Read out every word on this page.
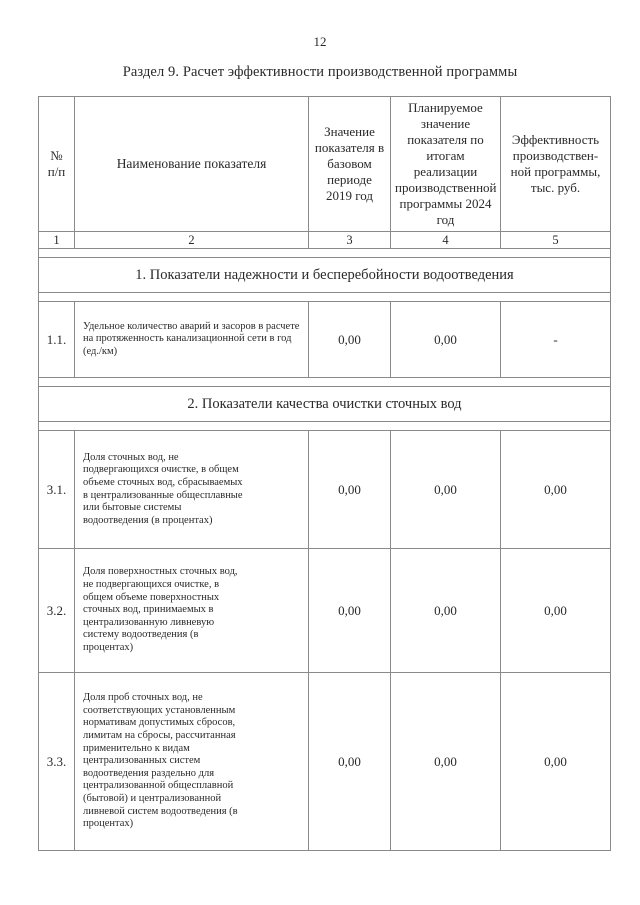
12
Раздел 9. Расчет эффективности производственной программы
№ п/п	Наименование показателя	Значение показателя в базовом периоде 2019 год	Планируемое значение показателя по итогам реализации производственной программы 2024 год	Эффективность производствен-ной программы, тыс. руб.
1	2	3	4	5

1. Показатели надежности и бесперебойности водоотведения				

1.1.	Удельное количество аварий и засоров в расчете на протяженность канализационной сети в год (ед./км)	0,00	0,00	-

2. Показатели качества очистки сточных вод				

3.1.	Доля сточных вод, не подвергающихся очистке, в общем объеме сточных вод, сбрасываемых в централизованные общесплавные или бытовые системы водоотведения (в процентах)	0,00	0,00	0,00
3.2.	Доля поверхностных сточных вод, не подвергающихся очистке, в общем объеме поверхностных сточных вод, принимаемых в централизованную ливневую систему водоотведения (в процентах)	0,00	0,00	0,00
3.3.	Доля проб сточных вод, не соответствующих установленным нормативам допустимых сбросов, лимитам на сбросы, рассчитанная применительно к видам централизованных систем водоотведения раздельно для централизованной общесплавной (бытовой) и централизованной ливневой систем водоотведения (в процентах)	0,00	0,00	0,00
